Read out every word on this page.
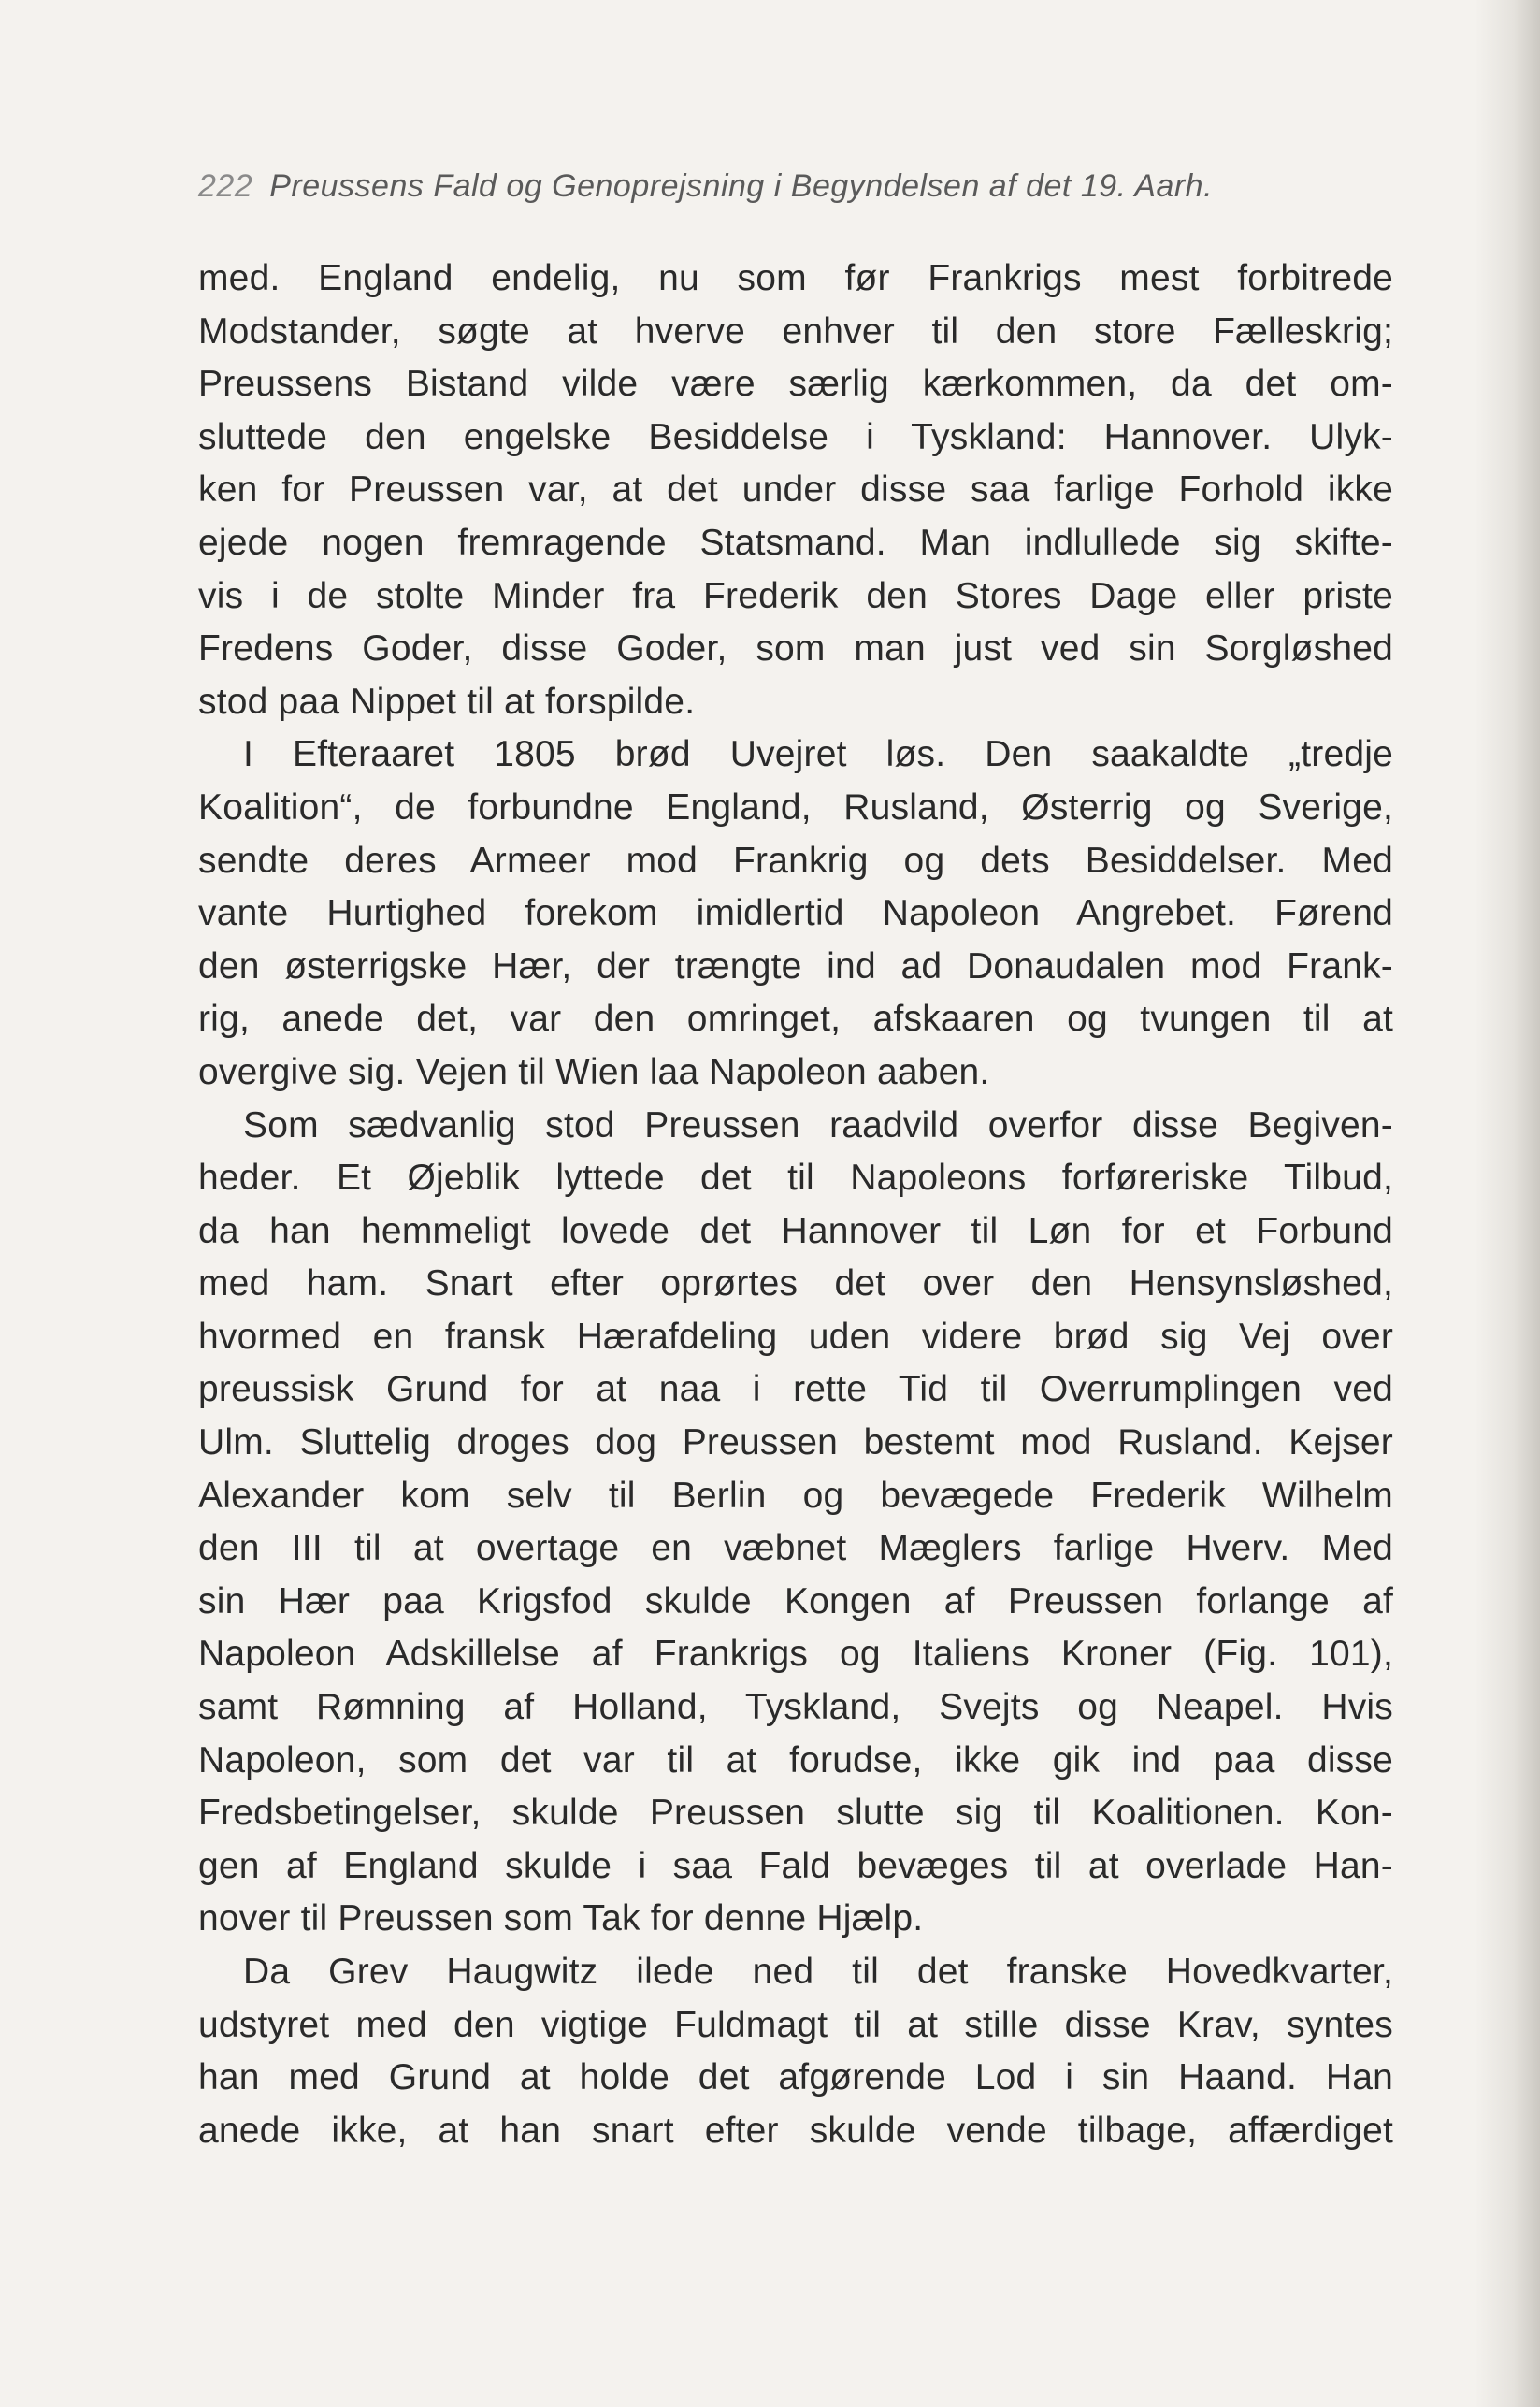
222 Preussens Fald og Genoprejsning i Begyndelsen af det 19. Aarh.
med. England endelig, nu som før Frankrigs mest forbitrede
Modstander, søgte at hverve enhver til den store Fælleskrig;
Preussens Bistand vilde være særlig kærkommen, da det om-
sluttede den engelske Besiddelse i Tyskland: Hannover. Ulyk-
ken for Preussen var, at det under disse saa farlige Forhold ikke
ejede nogen fremragende Statsmand. Man indlullede sig skifte-
vis i de stolte Minder fra Frederik den Stores Dage eller priste
Fredens Goder, disse Goder, som man just ved sin Sorgløshed
stod paa Nippet til at forspilde.
I Efteraaret 1805 brød Uvejret løs. Den saakaldte „tredje
Koalition“, de forbundne England, Rusland, Østerrig og Sverige,
sendte deres Armeer mod Frankrig og dets Besiddelser. Med
vante Hurtighed forekom imidlertid Napoleon Angrebet. Førend
den østerrigske Hær, der trængte ind ad Donaudalen mod Frank-
rig, anede det, var den omringet, afskaaren og tvungen til at
overgive sig. Vejen til Wien laa Napoleon aaben.
Som sædvanlig stod Preussen raadvild overfor disse Begiven-
heder. Et Øjeblik lyttede det til Napoleons forføreriske Tilbud,
da han hemmeligt lovede det Hannover til Løn for et Forbund
med ham. Snart efter oprørtes det over den Hensynsløshed,
hvormed en fransk Hærafdeling uden videre brød sig Vej over
preussisk Grund for at naa i rette Tid til Overrumplingen ved
Ulm. Sluttelig droges dog Preussen bestemt mod Rusland. Kejser
Alexander kom selv til Berlin og bevægede Frederik Wilhelm
den III til at overtage en væbnet Mæglers farlige Hverv. Med
sin Hær paa Krigsfod skulde Kongen af Preussen forlange af
Napoleon Adskillelse af Frankrigs og Italiens Kroner (Fig. 101),
samt Rømning af Holland, Tyskland, Svejts og Neapel. Hvis
Napoleon, som det var til at forudse, ikke gik ind paa disse
Fredsbetingelser, skulde Preussen slutte sig til Koalitionen. Kon-
gen af England skulde i saa Fald bevæges til at overlade Han-
nover til Preussen som Tak for denne Hjælp.
Da Grev Haugwitz ilede ned til det franske Hovedkvarter,
udstyret med den vigtige Fuldmagt til at stille disse Krav, syntes
han med Grund at holde det afgørende Lod i sin Haand. Han
anede ikke, at han snart efter skulde vende tilbage, affærdiget
